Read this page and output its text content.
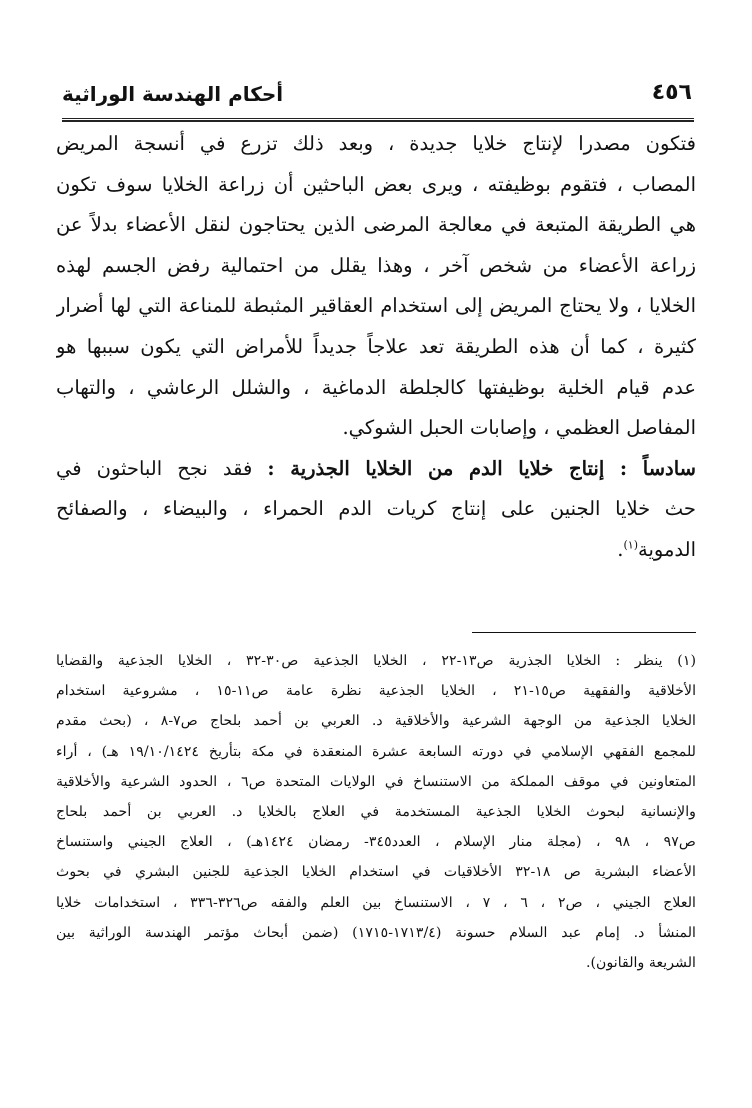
أحكام الهندسة الوراثية	٤٥٦
فتكون مصدرا لإنتاج خلايا جديدة ، وبعد ذلك تزرع في أنسجة المريض
المصاب ، فتقوم بوظيفته ، ويرى بعض الباحثين أن زراعة الخلايا سوف تكون
هي الطريقة المتبعة في معالجة المرضى الذين يحتاجون لنقل الأعضاء بدلاً عن
زراعة الأعضاء من شخص آخر ، وهذا يقلل من احتمالية رفض الجسم لهذه
الخلايا ، ولا يحتاج المريض إلى استخدام العقاقير المثبطة للمناعة التي لها أضرار
كثيرة ، كما أن هذه الطريقة تعد علاجاً جديداً للأمراض التي يكون سببها هو
عدم قيام الخلية بوظيفتها كالجلطة الدماغية ، والشلل الرعاشي ، والتهاب
المفاصل العظمي ، وإصابات الحبل الشوكي.
سادساً : إنتاج خلايا الدم من الخلايا الجذرية : فقد نجح الباحثون في
حث خلايا الجنين على إنتاج كريات الدم الحمراء ، والبيضاء ، والصفائح
الدموية$^{(١)}$.
(١) ينظر : الخلايا الجذرية ص١٣-٢٢ ، الخلايا الجذعية ص٣٠-٣٢ ، الخلايا الجذعية والقضايا
الأخلاقية والفقهية ص١٥-٢١ ، الخلايا الجذعية نظرة عامة ص١١-١٥ ، مشروعية استخدام
الخلايا الجذعية من الوجهة الشرعية والأخلاقية د. العربي بن أحمد بلحاج ص٧-٨ ، (بحث مقدم
للمجمع الفقهي الإسلامي في دورته السابعة عشرة المنعقدة في مكة بتأريخ ١٩/١٠/١٤٢٤ هـ) ، أراء
المتعاونين في موقف المملكة من الاستنساخ في الولايات المتحدة ص٦ ، الحدود الشرعية والأخلاقية
والإنسانية لبحوث الخلايا الجذعية المستخدمة في العلاج بالخلايا د. العربي بن أحمد بلحاج
ص٩٧ ، ٩٨ ، (مجلة منار الإسلام ، العدد٣٤٥- رمضان ١٤٢٤هـ) ، العلاج الجيني واستنساخ
الأعضاء البشرية ص ١٨-٣٢ الأخلاقيات في استخدام الخلايا الجذعية للجنين البشري في بحوث
العلاج الجيني ، ص٢ ، ٦ ، ٧ ، الاستنساخ بين العلم والفقه ص٣٢٦-٣٣٦ ، استخدامات خلايا
المنشأ د. إمام عبد السلام حسونة (١٧١٣/٤-١٧١٥) (ضمن أبحاث مؤتمر الهندسة الوراثية بين
الشريعة والقانون).
